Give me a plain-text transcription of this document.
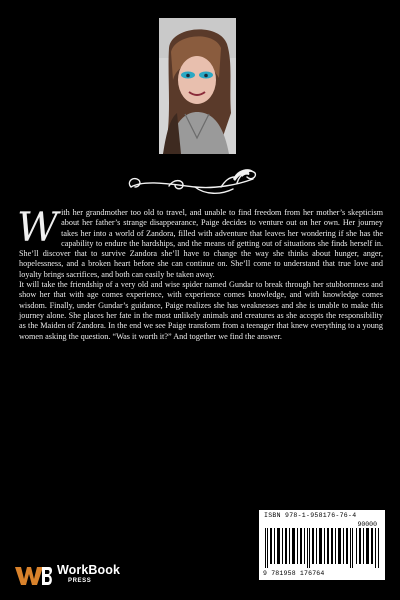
With her grandmother too old to travel, and unable to find freedom from her mother’s skepticism about her father’s strange disappearance, Paige decides to venture out on her own. Her journey takes her into a world of Zandora, filled with adventure that leaves her wondering if she has the capability to endure the hardships, and the means of getting out of situations she finds herself in. She’ll discover that to survive Zandora she’ll have to change the way she thinks about hunger, anger, hopelessness, and a broken heart before she can continue on. She’ll come to understand that true love and loyalty brings sacrifices, and both can easily be taken away.
It will take the friendship of a very old and wise spider named Gundar to break through her stubbornness and show her that with age comes experience, with experience comes knowledge, and with knowledge comes wisdom. Finally, under Gundar’s guidance, Paige realizes she has weaknesses and she is unable to make this journey alone. She places her fate in the most unlikely animals and creatures as she accepts the responsibility as the Maiden of Zandora. In the end we see Paige transform from a teenager that knew everything to a young women asking the question. “Was it worth it?” And together we find the answer.
ISBN 978-1-958176-76-4
90000
9 781958 176764
WorkBook
PRESS
